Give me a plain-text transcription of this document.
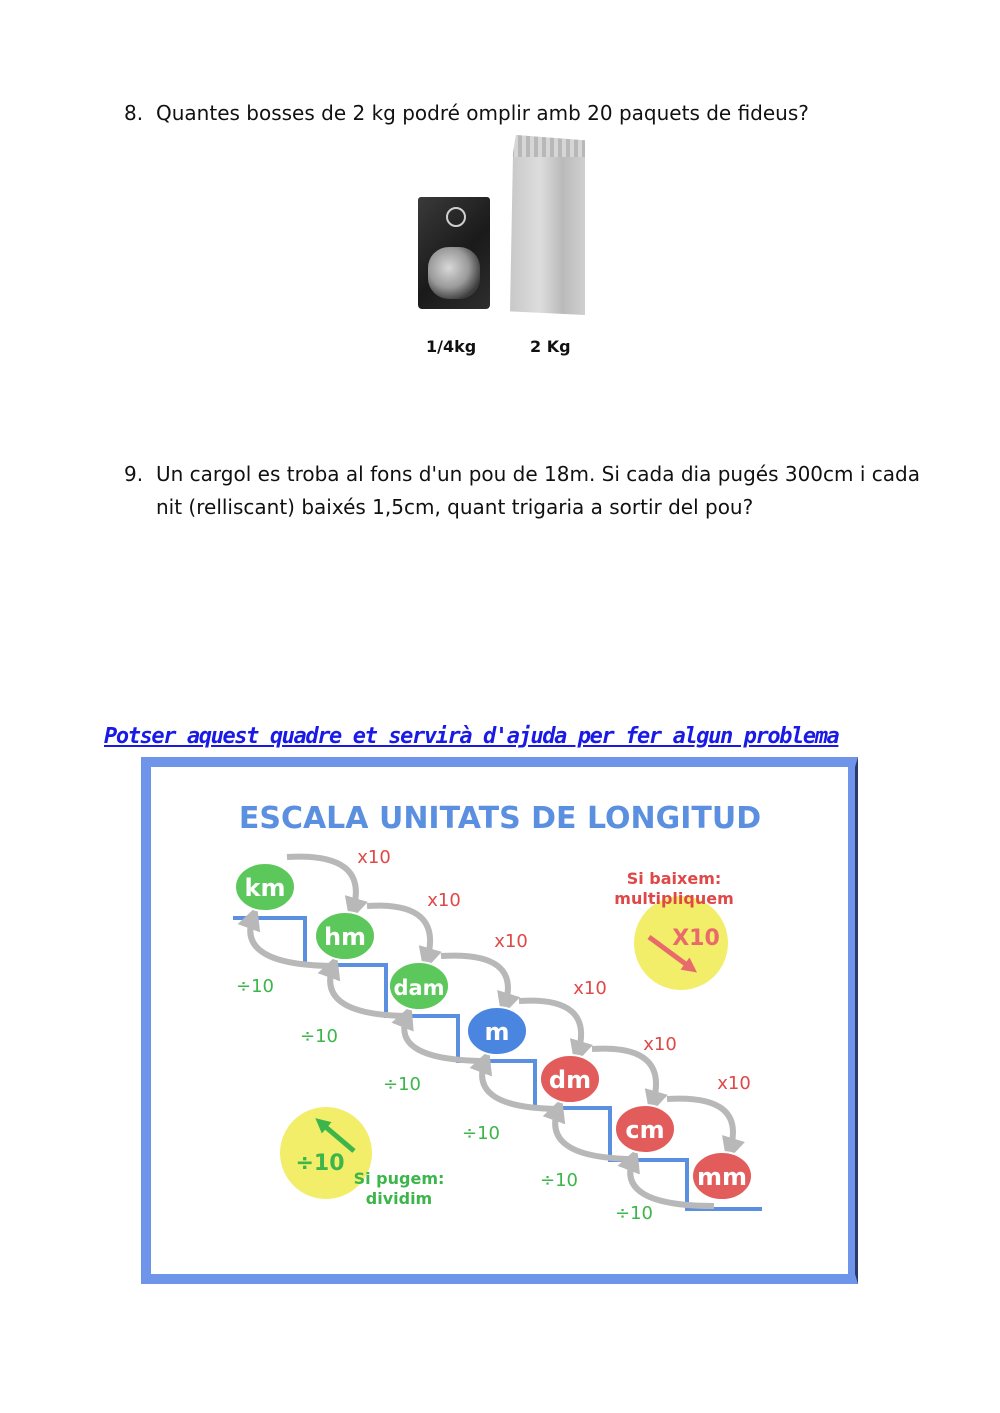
8. Quantes bosses de 2 kg podré omplir amb 20 paquets de fideus?
1/4kg	2 Kg
9. Un cargol es troba al fons d'un pou de 18m. Si cada dia pugés 300cm i cada nit (relliscant) baixés 1,5cm, quant trigaria a sortir del pou?
Potser aquest quadre et servirà d'ajuda per fer algun problema
ESCALA UNITATS DE LONGITUD
x10
x10
x10
x10
x10
x10
÷10
÷10
÷10
÷10
÷10
÷10
km
hm
dam
m
dm
cm
mm
X10
Si baixem:
multipliquem
÷10
Si pugem:
dividim
